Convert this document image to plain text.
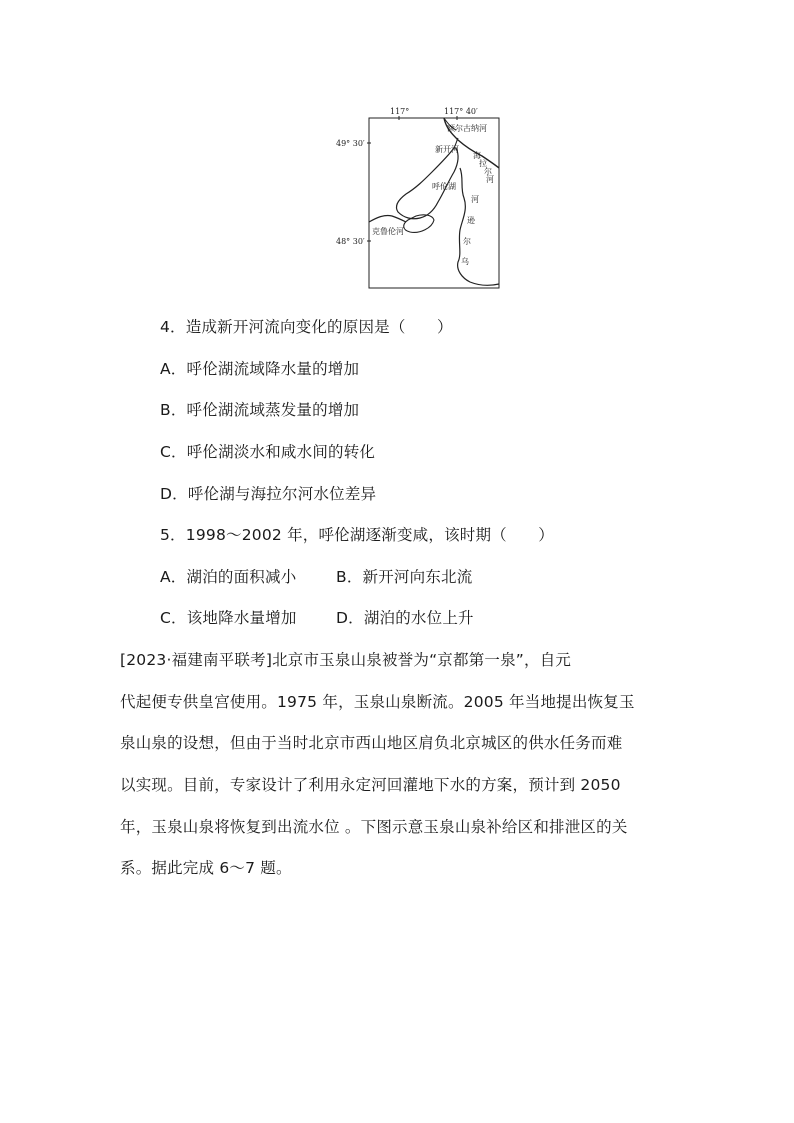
117°	117° 40′
49° 30′
48° 30′
额尔古纳河
新开河
呼伦湖
克鲁伦河
海
拉
尔
河
河
逊
尔
乌
4．造成新开河流向变化的原因是（　　）
A．呼伦湖流域降水量的增加
B．呼伦湖流域蒸发量的增加
C．呼伦湖淡水和咸水间的转化
D．呼伦湖与海拉尔河水位差异
5．1998～2002 年，呼伦湖逐渐变咸，该时期（　　）
A．湖泊的面积减小	B．新开河向东北流
C．该地降水量增加	D．湖泊的水位上升
[2023·福建南平联考]北京市玉泉山泉被誉为“京都第一泉”，自元
代起便专供皇宫使用。1975 年，玉泉山泉断流。2005 年当地提出恢复玉
泉山泉的设想，但由于当时北京市西山地区肩负北京城区的供水任务而难
以实现。目前，专家设计了利用永定河回灌地下水的方案，预计到 2050
年，玉泉山泉将恢复到出流水位 。下图示意玉泉山泉补给区和排泄区的关
系。据此完成 6～7 题。
